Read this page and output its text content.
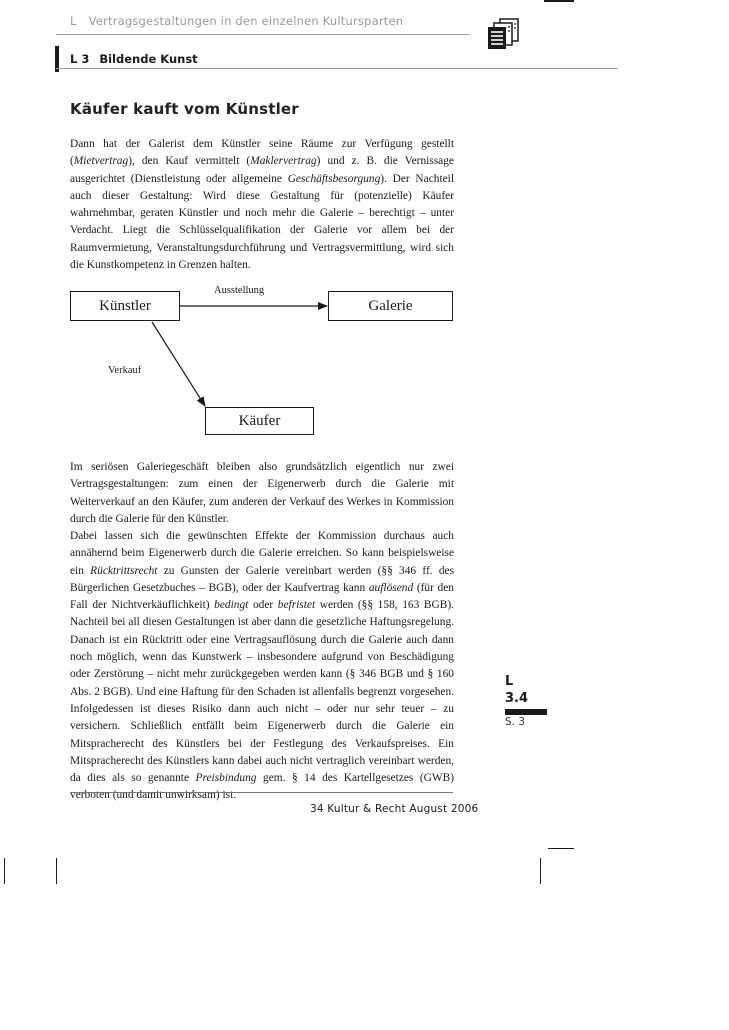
L Vertragsgestaltungen in den einzelnen Kultursparten
L 3 Bildende Kunst
Käufer kauft vom Künstler
Dann hat der Galerist dem Künstler seine Räume zur Verfügung gestellt (Mietvertrag), den Kauf vermittelt (Maklervertrag) und z. B. die Vernissage ausgerichtet (Dienstleistung oder allgemeine Geschäftsbesorgung). Der Nachteil auch dieser Gestaltung: Wird diese Gestaltung für (potenzielle) Käufer wahrnehmbar, geraten Künstler und noch mehr die Galerie – berechtigt – unter Verdacht. Liegt die Schlüsselqualifikation der Galerie vor allem bei der Raumvermietung, Veranstaltungsdurchführung und Vertragsvermittlung, wird sich die Kunstkompetenz in Grenzen halten.
Künstler	Galerie
Käufer
Ausstellung
Verkauf
Im seriösen Galeriegeschäft bleiben also grundsätzlich eigentlich nur zwei Vertragsgestaltungen: zum einen der Eigenerwerb durch die Galerie mit Weiterverkauf an den Käufer, zum anderen der Verkauf des Werkes in Kommission durch die Galerie für den Künstler.
Dabei lassen sich die gewünschten Effekte der Kommission durchaus auch annähernd beim Eigenerwerb durch die Galerie erreichen. So kann beispielsweise ein Rücktrittsrecht zu Gunsten der Galerie vereinbart werden (§§ 346 ff. des Bürgerlichen Gesetzbuches – BGB), oder der Kaufvertrag kann auflösend (für den Fall der Nichtverkäuflichkeit) bedingt oder befristet werden (§§ 158, 163 BGB). Nachteil bei all diesen Gestaltungen ist aber dann die gesetzliche Haftungsregelung. Danach ist ein Rücktritt oder eine Vertragsauflösung durch die Galerie auch dann noch möglich, wenn das Kunstwerk – insbesondere aufgrund von Beschädigung oder Zerstörung – nicht mehr zurückgegeben werden kann (§ 346 BGB und § 160 Abs. 2 BGB). Und eine Haftung für den Schaden ist allenfalls begrenzt vorgesehen. Infolgedessen ist dieses Risiko dann auch nicht – oder nur sehr teuer – zu versichern. Schließlich entfällt beim Eigenerwerb durch die Galerie ein Mitspracherecht des Künstlers bei der Festlegung des Verkaufspreises. Ein Mitspracherecht des Künstlers kann dabei auch nicht vertraglich vereinbart werden, da dies als so genannte Preisbindung gem. § 14 des Kartellgesetzes (GWB) verboten (und damit unwirksam) ist.
34 Kultur & Recht August 2006
L
3.4
S. 3
